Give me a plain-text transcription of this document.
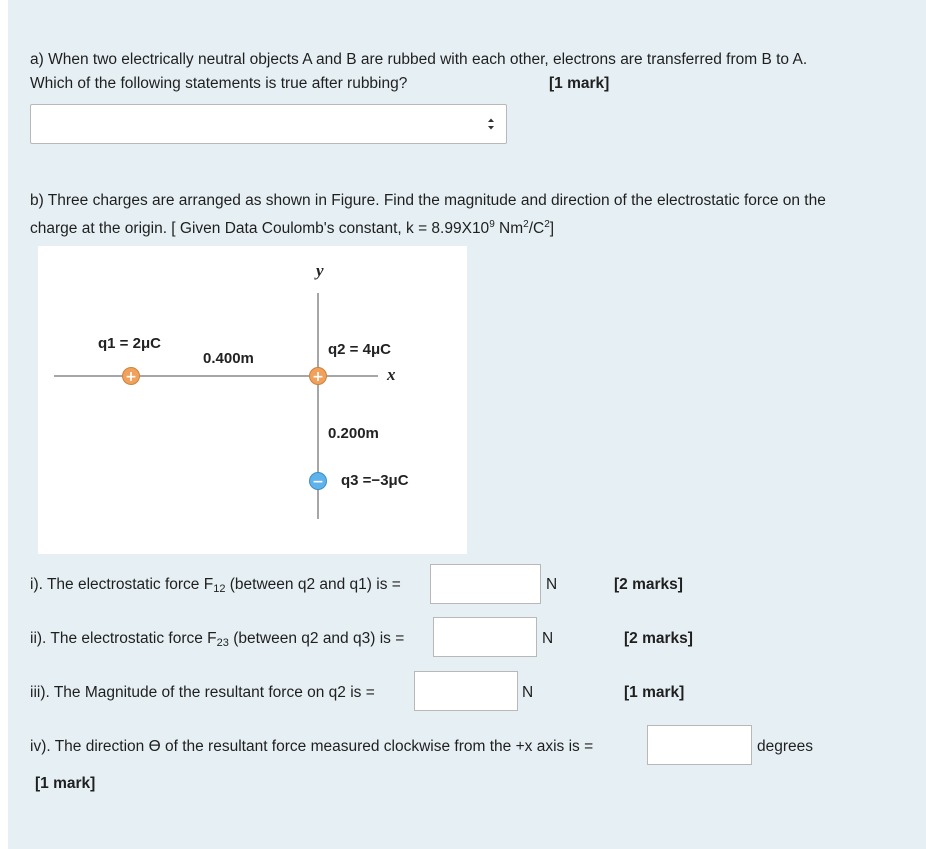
a) When two electrically neutral objects A and B are rubbed with each other, electrons are transferred from B to A.
Which of the following statements is true after rubbing?	[1 mark]
b) Three charges are arranged as shown in Figure. Find the magnitude and direction of the electrostatic force on the
charge at the origin. [ Given Data Coulomb's constant, $k = 8.99X10^9$ $Nm^2/C^2$]
y
x
+	+
−
q1 = 2μC
0.400m
q2 = 4μC
0.200m
q3 =−3μC
i). The electrostatic force $F_{12}$ (between q2 and q1) is =	N	[2 marks]
ii). The electrostatic force $F_{23}$ (between q2 and q3) is =	N	[2 marks]
iii). The Magnitude of the resultant force on q2 is =	N	[1 mark]
iv). The direction ϴ of the resultant force measured clockwise from the +x axis is =	degrees
[1 mark]
